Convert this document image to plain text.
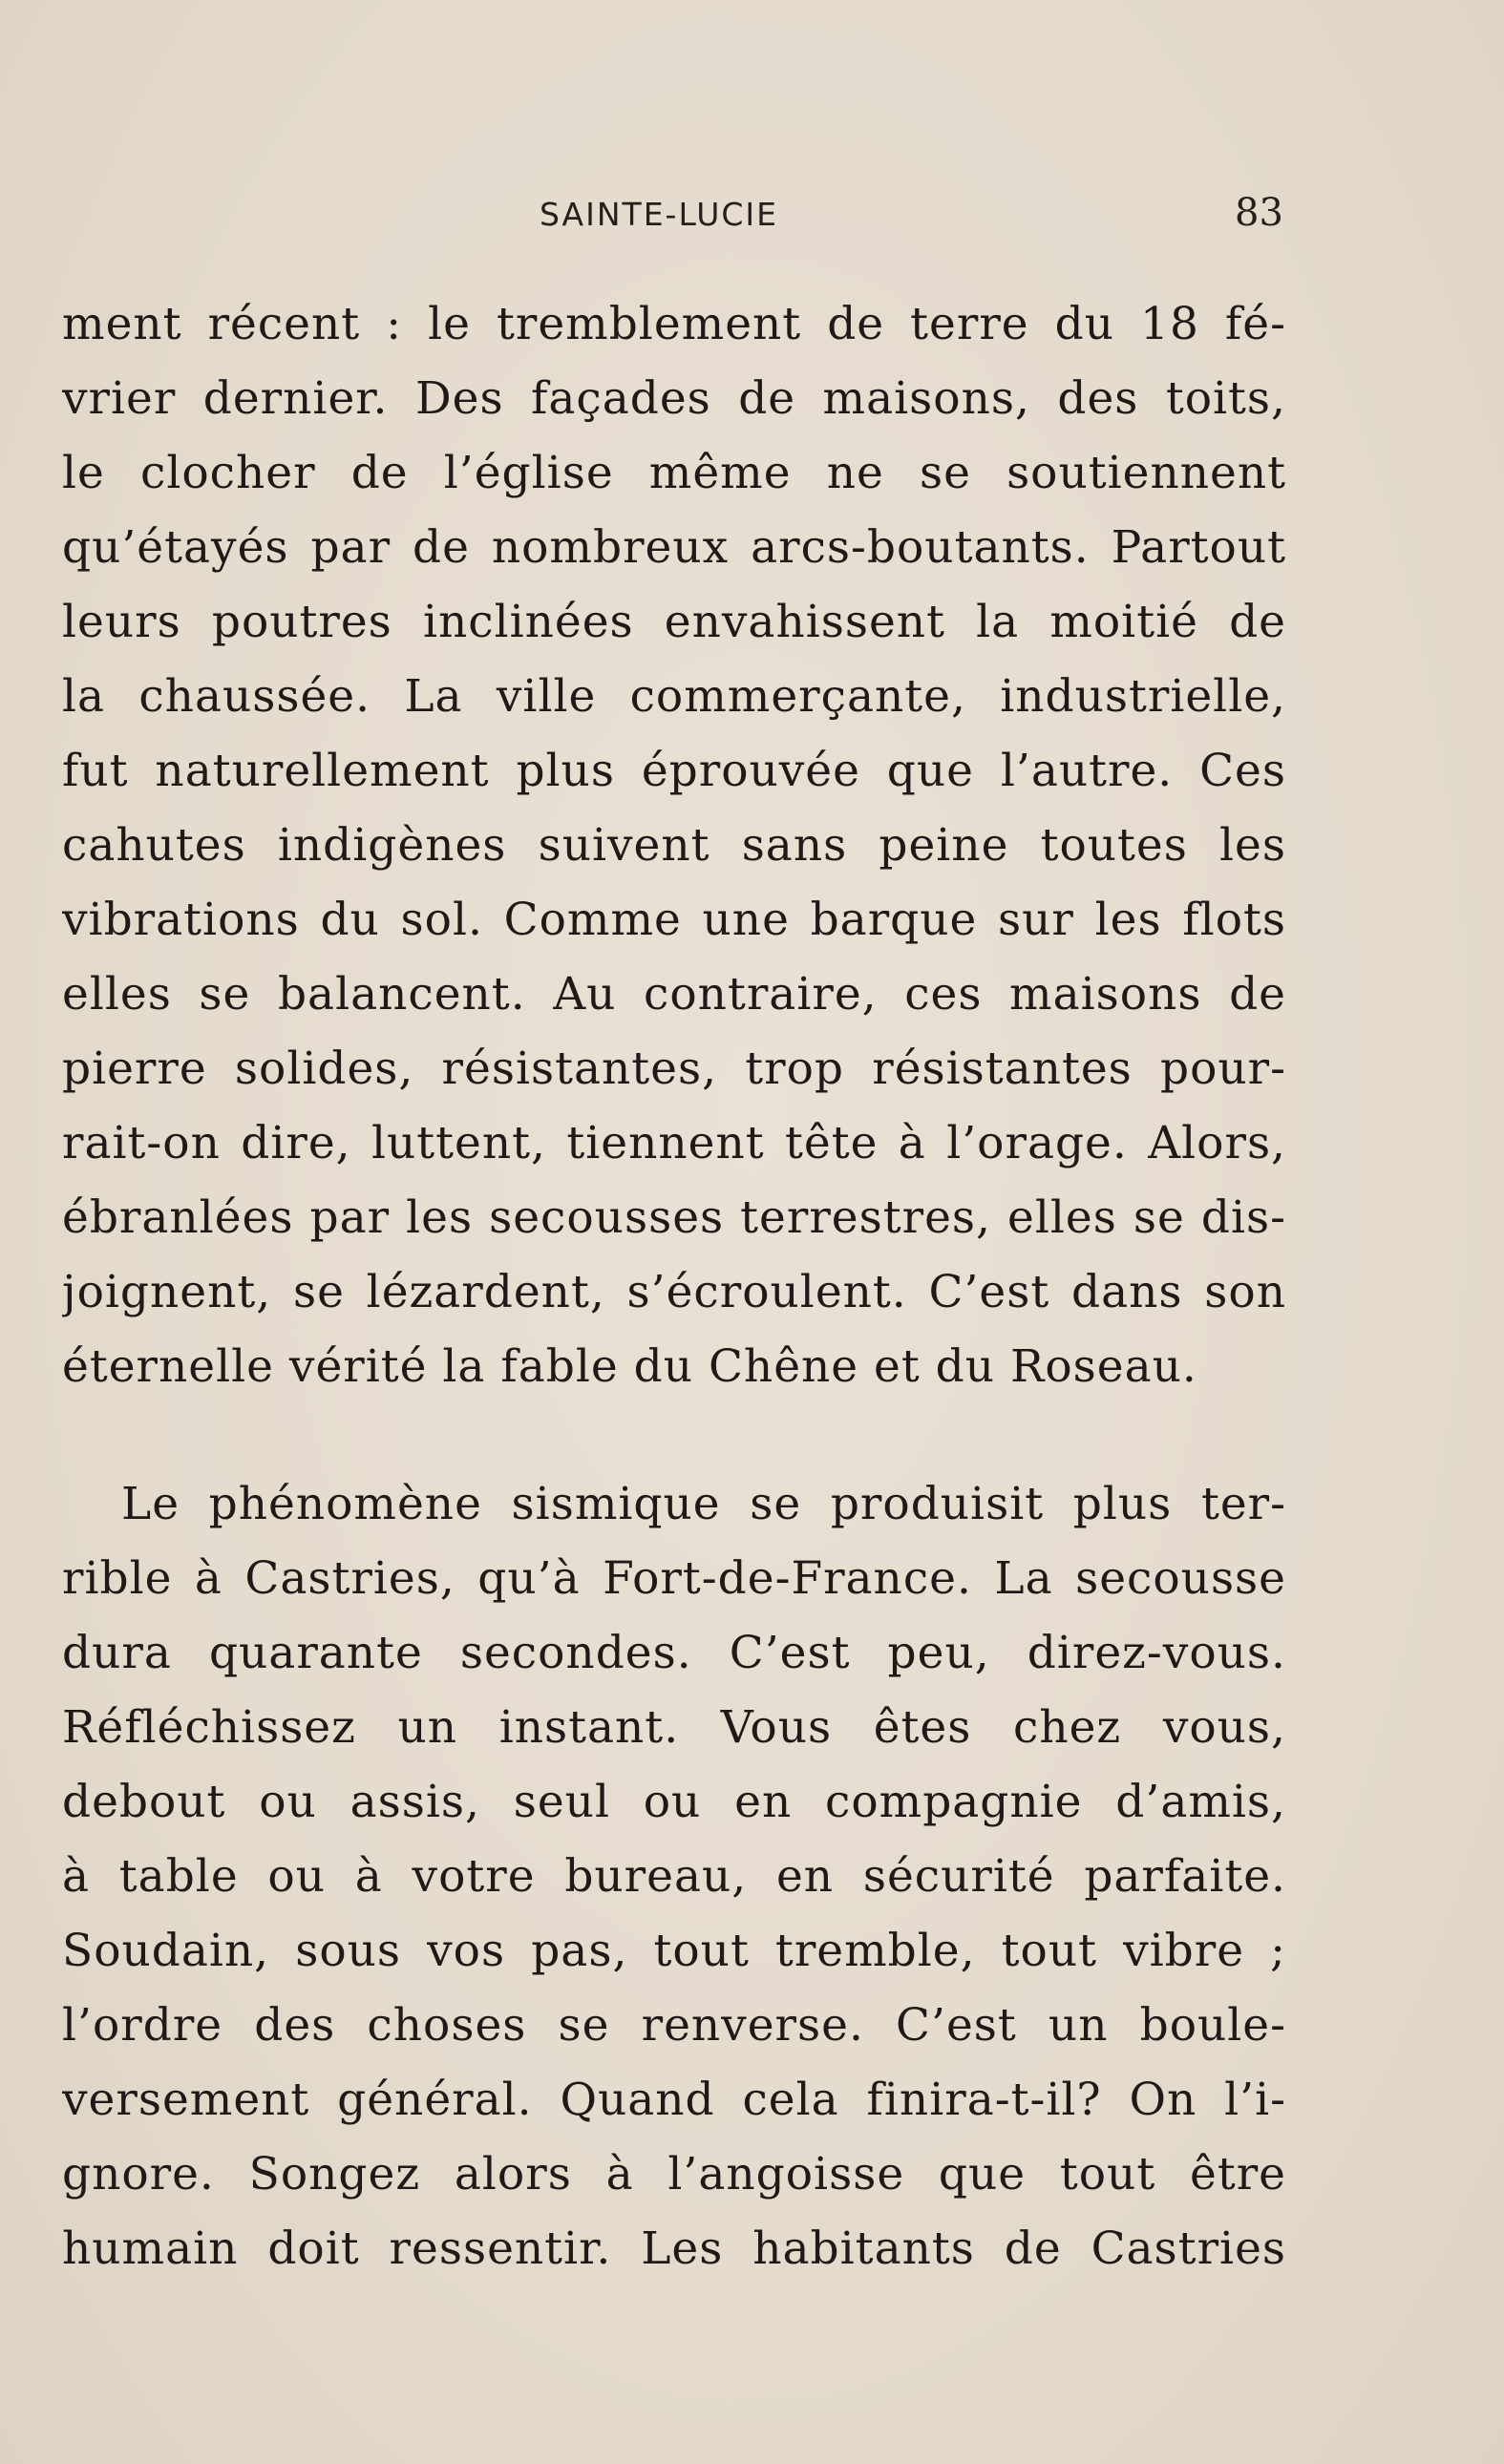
SAINTE-LUCIE	83
ment récent : le tremblement de terre du 18 fé-
vrier dernier. Des façades de maisons, des toits,
le clocher de l’église même ne se soutiennent
qu’étayés par de nombreux arcs-boutants. Partout
leurs poutres inclinées envahissent la moitié de
la chaussée. La ville commerçante, industrielle,
fut naturellement plus éprouvée que l’autre. Ces
cahutes indigènes suivent sans peine toutes les
vibrations du sol. Comme une barque sur les flots
elles se balancent. Au contraire, ces maisons de
pierre solides, résistantes, trop résistantes pour-
rait-on dire, luttent, tiennent tête à l’orage. Alors,
ébranlées par les secousses terrestres, elles se dis-
joignent, se lézardent, s’écroulent. C’est dans son
éternelle vérité la fable du Chêne et du Roseau.
Le phénomène sismique se produisit plus ter-
rible à Castries, qu’à Fort-de-France. La secousse
dura quarante secondes. C’est peu, direz-vous.
Réfléchissez un instant. Vous êtes chez vous,
debout ou assis, seul ou en compagnie d’amis,
à table ou à votre bureau, en sécurité parfaite.
Soudain, sous vos pas, tout tremble, tout vibre ;
l’ordre des choses se renverse. C’est un boule-
versement général. Quand cela finira-t-il? On l’i-
gnore. Songez alors à l’angoisse que tout être
humain doit ressentir. Les habitants de Castries
